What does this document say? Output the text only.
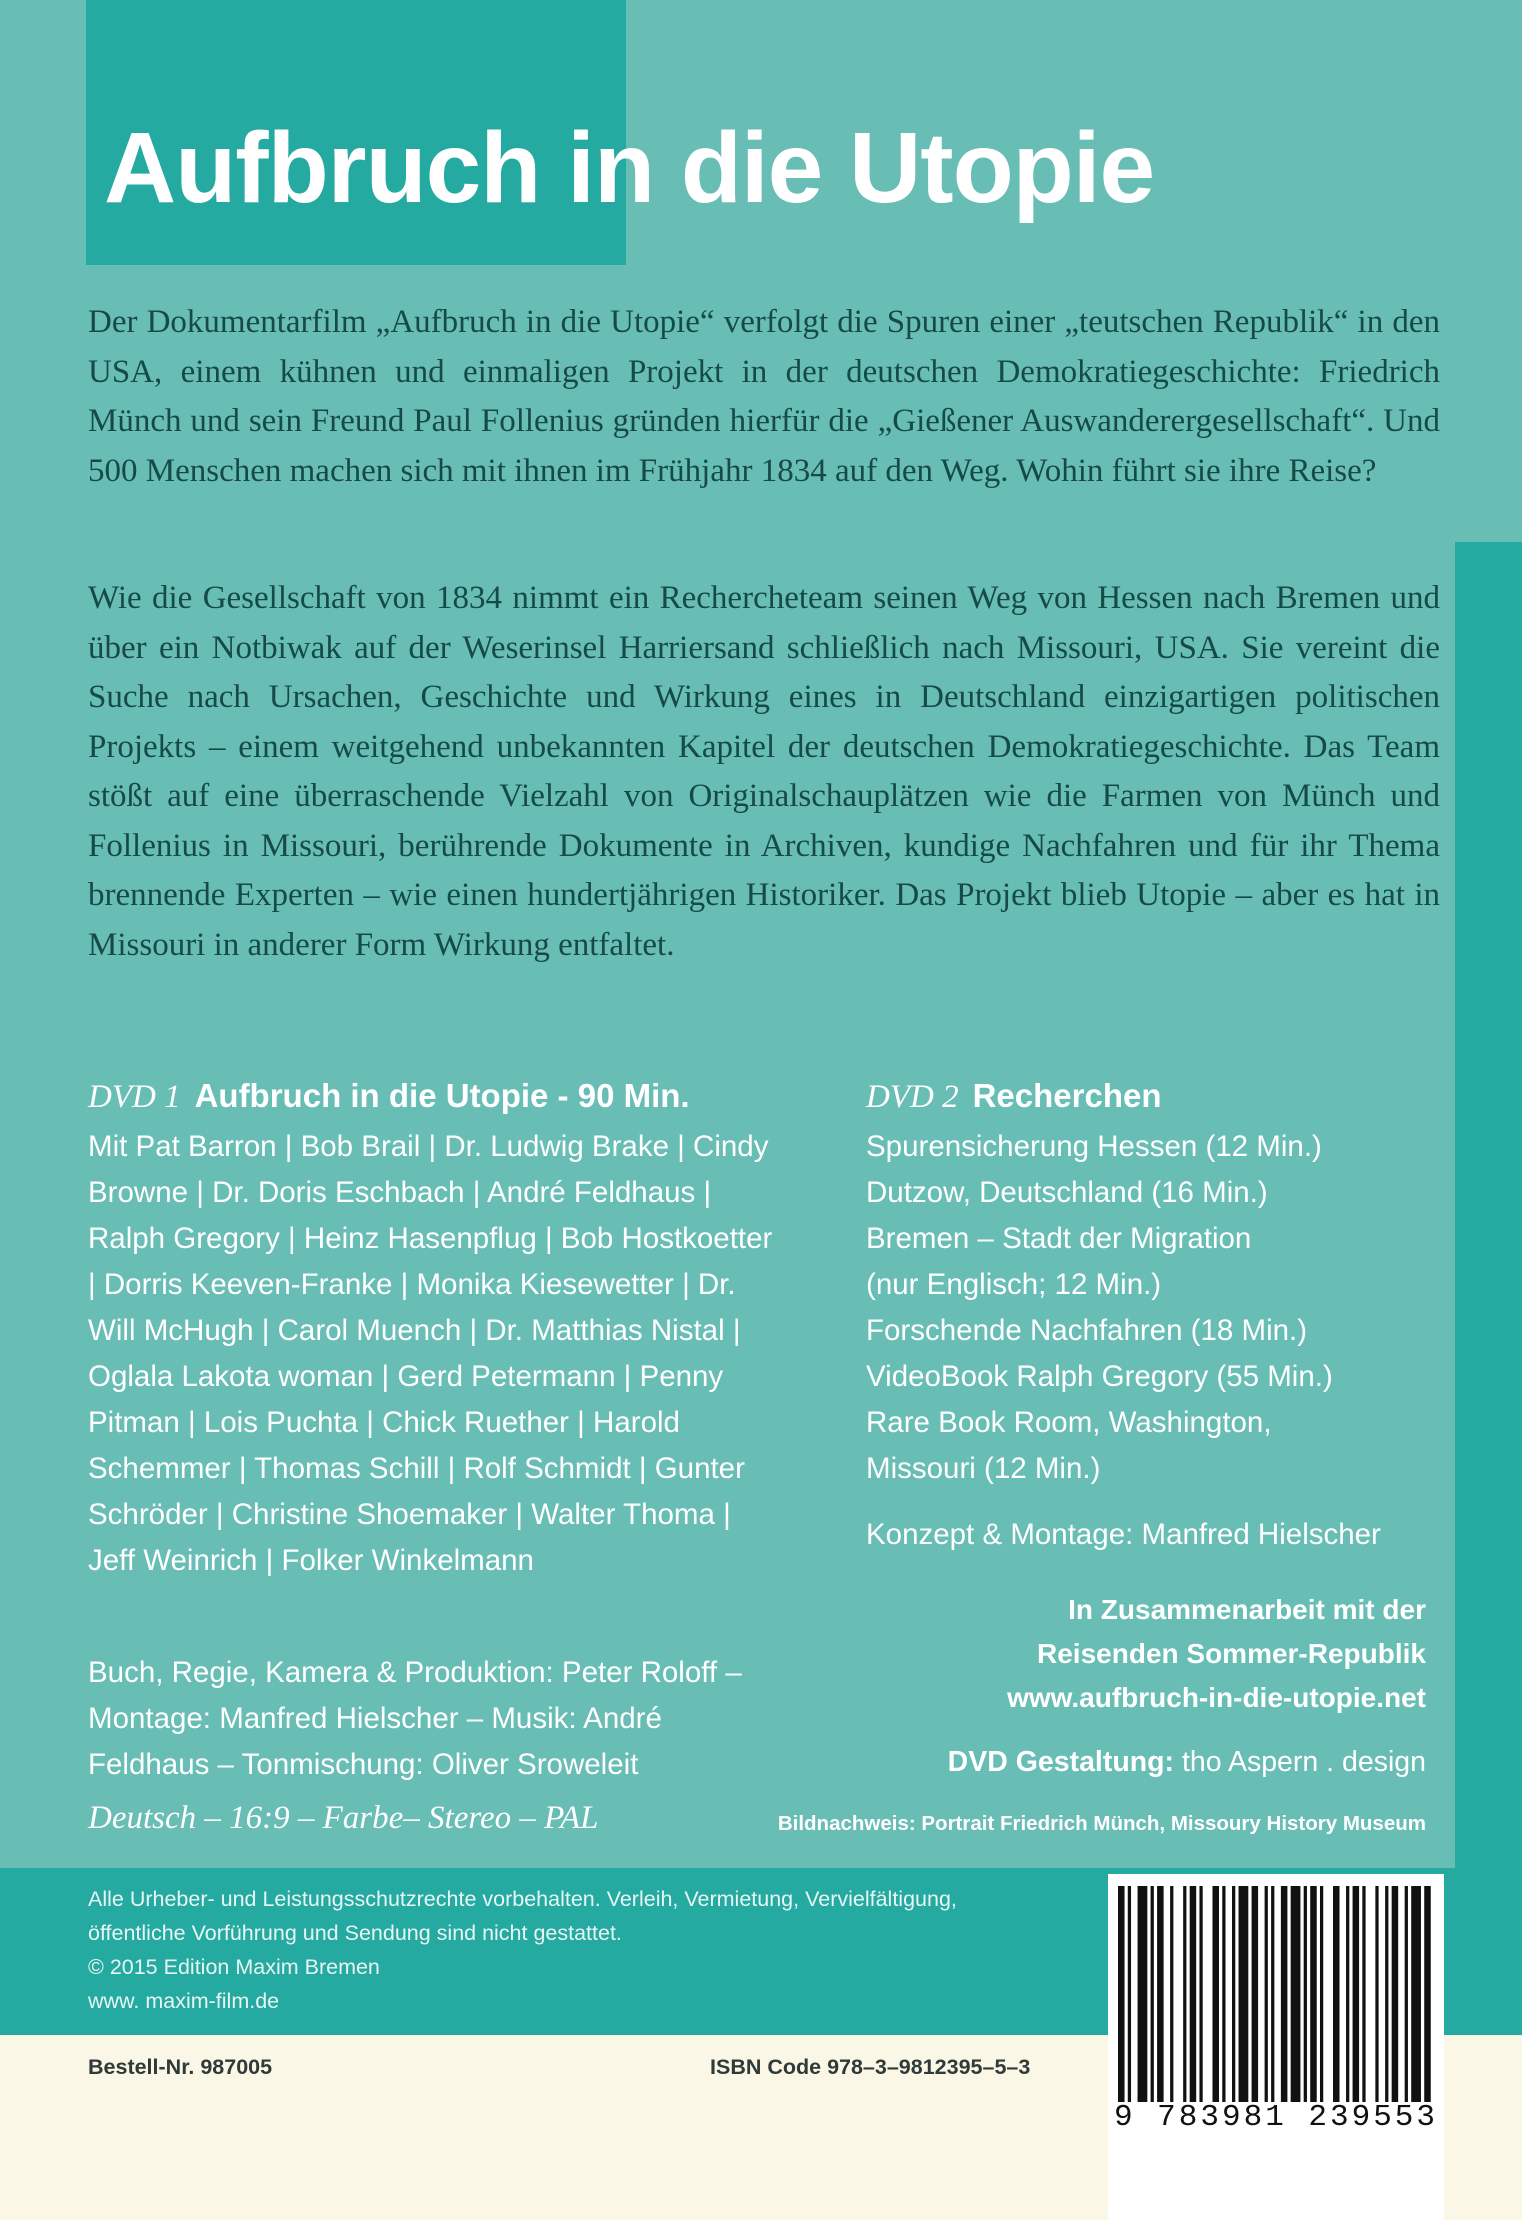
Aufbruch in die Utopie

Der Dokumentarfilm „Aufbruch in die Utopie“ verfolgt die Spuren einer „teutschen Republik“ in den USA, einem kühnen und einmaligen Projekt in der deutschen Demokratiegeschichte: Friedrich Münch und sein Freund Paul Follenius gründen hierfür die „Gießener Auswanderergesellschaft“. Und 500 Menschen machen sich mit ihnen im Frühjahr 1834 auf den Weg. Wohin führt sie ihre Reise?

Wie die Gesellschaft von 1834 nimmt ein Rechercheteam seinen Weg von Hessen nach Bremen und über ein Notbiwak auf der Weserinsel Harriersand schließlich nach Missouri, USA. Sie vereint die Suche nach Ursachen, Geschichte und Wirkung eines in Deutschland einzigartigen politischen Projekts – einem weitgehend unbekannten Kapitel der deutschen Demokratiegeschichte. Das Team stößt auf eine überraschende Vielzahl von Originalschauplätzen wie die Farmen von Münch und Follenius in Missouri, berührende Dokumente in Archiven, kundige Nachfahren und für ihr Thema brennende Experten – wie einen hundertjährigen Historiker. Das Projekt blieb Utopie – aber es hat in Missouri in anderer Form Wirkung entfaltet.

DVD 1 Aufbruch in die Utopie - 90 Min.

Mit Pat Barron | Bob Brail | Dr. Ludwig Brake | Cindy Browne | Dr. Doris Eschbach | André Feldhaus | Ralph Gregory | Heinz Hasenpflug | Bob Hostkoetter | Dorris Keeven-Franke | Monika Kiesewetter | Dr. Will McHugh | Carol Muench | Dr. Matthias Nistal | Oglala Lakota woman | Gerd Petermann | Penny Pitman | Lois Puchta | Chick Ruether | Harold Schemmer | Thomas Schill | Rolf Schmidt | Gunter Schröder | Christine Shoemaker | Walter Thoma | Jeff Weinrich | Folker Winkelmann

Buch, Regie, Kamera & Produktion: Peter Roloff – Montage: Manfred Hielscher – Musik: André Feldhaus – Tonmischung: Oliver Sroweleit

Deutsch – 16:9 – Farbe– Stereo – PAL
DVD 2 Recherchen
Spurensicherung Hessen (12 Min.)
Dutzow, Deutschland (16 Min.)
Bremen – Stadt der Migration
(nur Englisch; 12 Min.)
Forschende Nachfahren (18 Min.)
VideoBook Ralph Gregory (55 Min.)
Rare Book Room, Washington,
Missouri (12 Min.)
Konzept & Montage: Manfred Hielscher
In Zusammenarbeit mit der
Reisenden Sommer-Republik
www.aufbruch-in-die-utopie.net
DVD Gestaltung: tho Aspern . design
Bildnachweis: Portrait Friedrich Münch, Missoury History Museum
Alle Urheber- und Leistungsschutzrechte vorbehalten. Verleih, Vermietung, Vervielfältigung,
öffentliche Vorführung und Sendung sind nicht gestattet.
© 2015 Edition Maxim Bremen
www. maxim-film.de
Bestell-Nr. 987005	ISBN Code 978–3–9812395–5–3
9 783981 239553
